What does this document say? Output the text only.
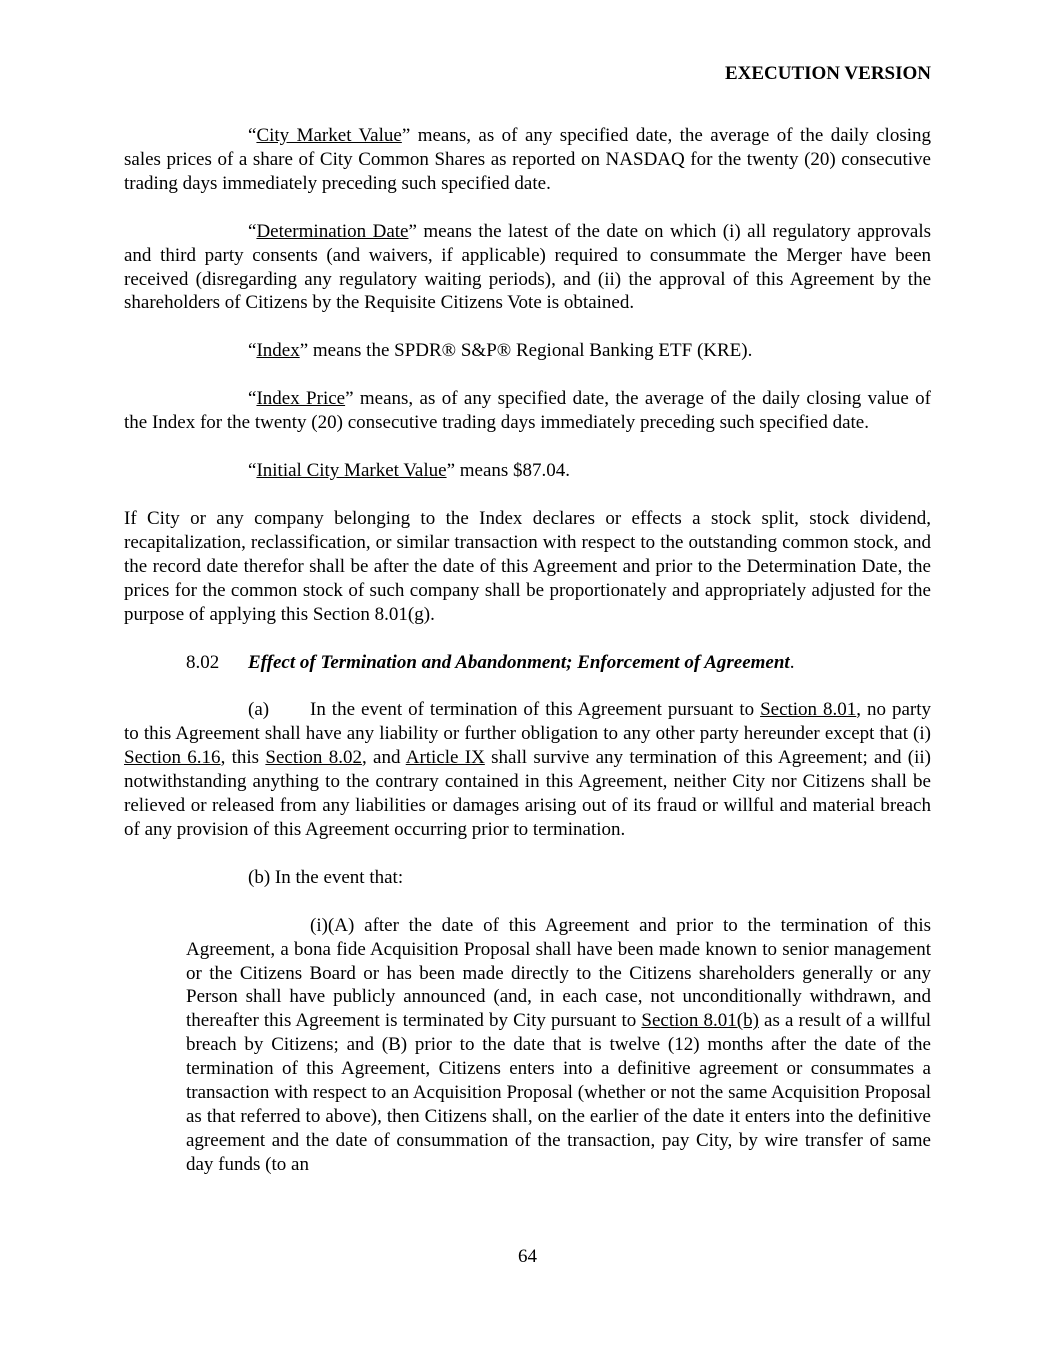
EXECUTION VERSION

“City Market Value” means, as of any specified date, the average of the daily closing sales prices of a share of City Common Shares as reported on NASDAQ for the twenty (20) consecutive trading days immediately preceding such specified date.

“Determination Date” means the latest of the date on which (i) all regulatory approvals and third party consents (and waivers, if applicable) required to consummate the Merger have been received (disregarding any regulatory waiting periods), and (ii) the approval of this Agreement by the shareholders of Citizens by the Requisite Citizens Vote is obtained.

“Index” means the SPDR® S&P® Regional Banking ETF (KRE).

“Index Price” means, as of any specified date, the average of the daily closing value of the Index for the twenty (20) consecutive trading days immediately preceding such specified date.

“Initial City Market Value” means $87.04.

If City or any company belonging to the Index declares or effects a stock split, stock dividend, recapitalization, reclassification, or similar transaction with respect to the outstanding common stock, and the record date therefor shall be after the date of this Agreement and prior to the Determination Date, the prices for the common stock of such company shall be proportionately and appropriately adjusted for the purpose of applying this Section 8.01(g).

8.02 Effect of Termination and Abandonment; Enforcement of Agreement.

(a) In the event of termination of this Agreement pursuant to Section 8.01, no party to this Agreement shall have any liability or further obligation to any other party hereunder except that (i) Section 6.16, this Section 8.02, and Article IX shall survive any termination of this Agreement; and (ii) notwithstanding anything to the contrary contained in this Agreement, neither City nor Citizens shall be relieved or released from any liabilities or damages arising out of its fraud or willful and material breach of any provision of this Agreement occurring prior to termination.

(b) In the event that:

(i)(A) after the date of this Agreement and prior to the termination of this Agreement, a bona fide Acquisition Proposal shall have been made known to senior management or the Citizens Board or has been made directly to the Citizens shareholders generally or any Person shall have publicly announced (and, in each case, not unconditionally withdrawn, and thereafter this Agreement is terminated by City pursuant to Section 8.01(b) as a result of a willful breach by Citizens; and (B) prior to the date that is twelve (12) months after the date of the termination of this Agreement, Citizens enters into a definitive agreement or consummates a transaction with respect to an Acquisition Proposal (whether or not the same Acquisition Proposal as that referred to above), then Citizens shall, on the earlier of the date it enters into the definitive agreement and the date of consummation of the transaction, pay City, by wire transfer of same day funds (to an

64
